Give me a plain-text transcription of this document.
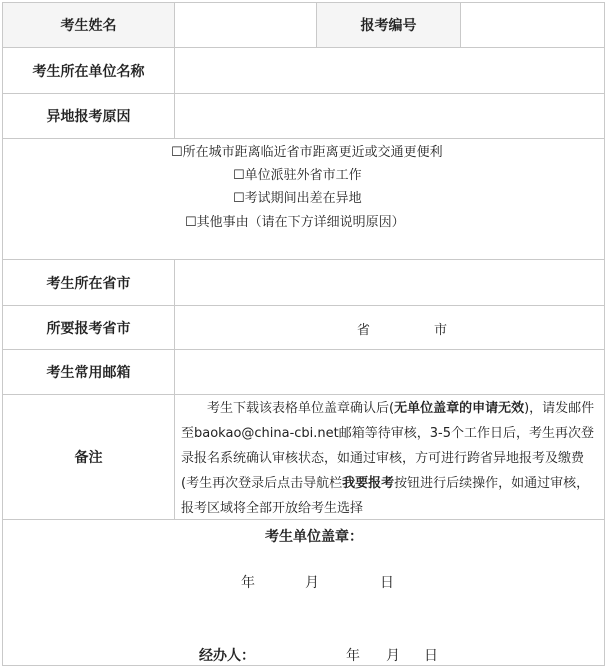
考生姓名	报考编号
考生所在单位名称
异地报考原因
☐所在城市距离临近省市距离更近或交通更便利
☐单位派驻外省市工作
☐考试期间出差在异地
☐其他事由（请在下方详细说明原因）
考生所在省市
所要报考省市	省	市
考生常用邮箱
备注
考生下载该表格单位盖章确认后(无单位盖章的申请无效)，请发邮件至baokao@china-cbi.net邮箱等待审核，3-5个工作日后，考生再次登录报名系统确认审核状态，如通过审核，方可进行跨省异地报考及缴费(考生再次登录后点击导航栏我要报考按钮进行后续操作，如通过审核，报考区域将全部开放给考生选择
考生单位盖章：
年	月	日
经办人：	年 月 日
